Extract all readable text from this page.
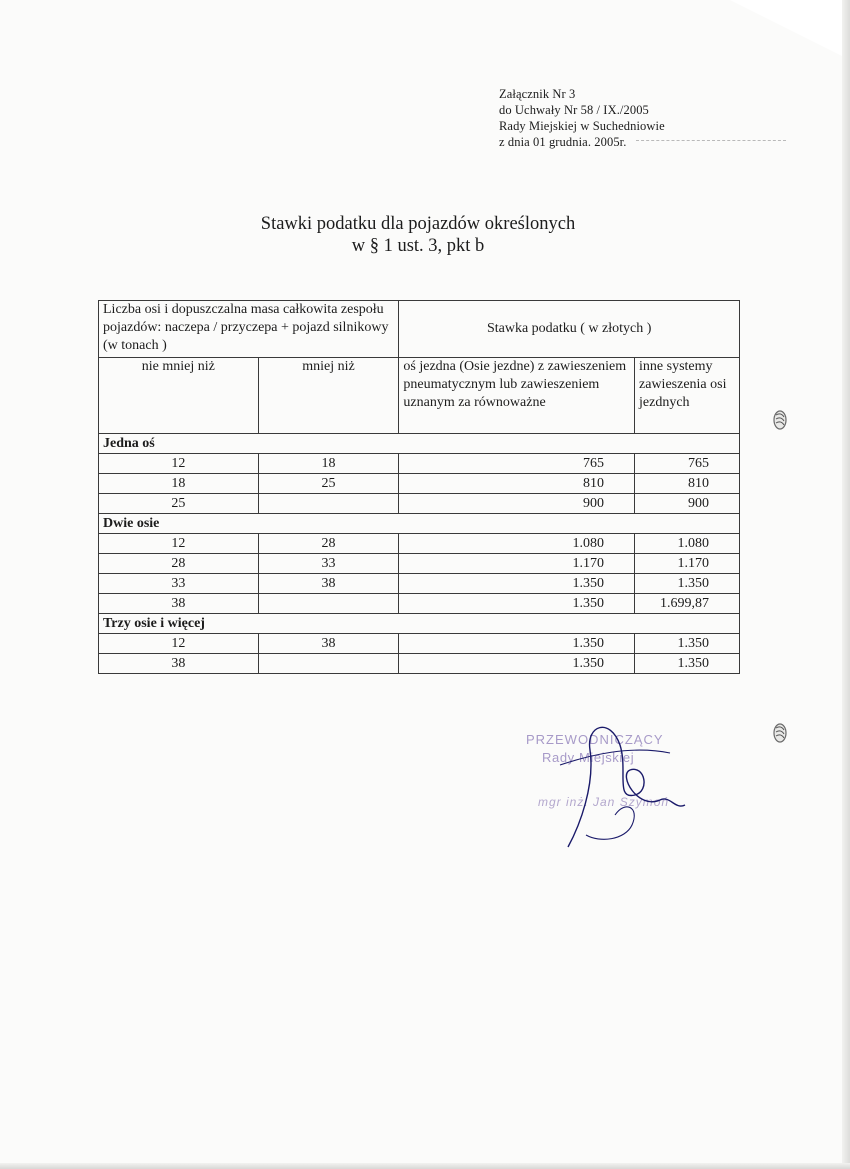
Załącznik Nr 3
do Uchwały Nr 58 / IX./2005
Rady Miejskiej w Suchedniowie
z dnia 01 grudnia. 2005r.
Stawki podatku dla pojazdów określonych
w § 1 ust. 3, pkt b
Liczba osi i dopuszczalna masa całkowita zespołu pojazdów: naczepa / przyczepa + pojazd silnikowy (w tonach )		Stawka podatku ( w złotych )	
nie mniej niż	mniej niż	oś jezdna (Osie jezdne) z zawieszeniem pneumatycznym lub zawieszeniem uznanym za równoważne	inne systemy zawieszenia osi jezdnych
Jedna oś			
12	18	765	765
18	25	810	810
25		900	900
Dwie osie			
12	28	1.080	1.080
28	33	1.170	1.170
33	38	1.350	1.350
38		1.350	1.699,87
Trzy osie i więcej			
12	38	1.350	1.350
38		1.350	1.350
PRZEWODNICZĄCY
Rady Miejskiej
mgr inż. Jan Szymoń
